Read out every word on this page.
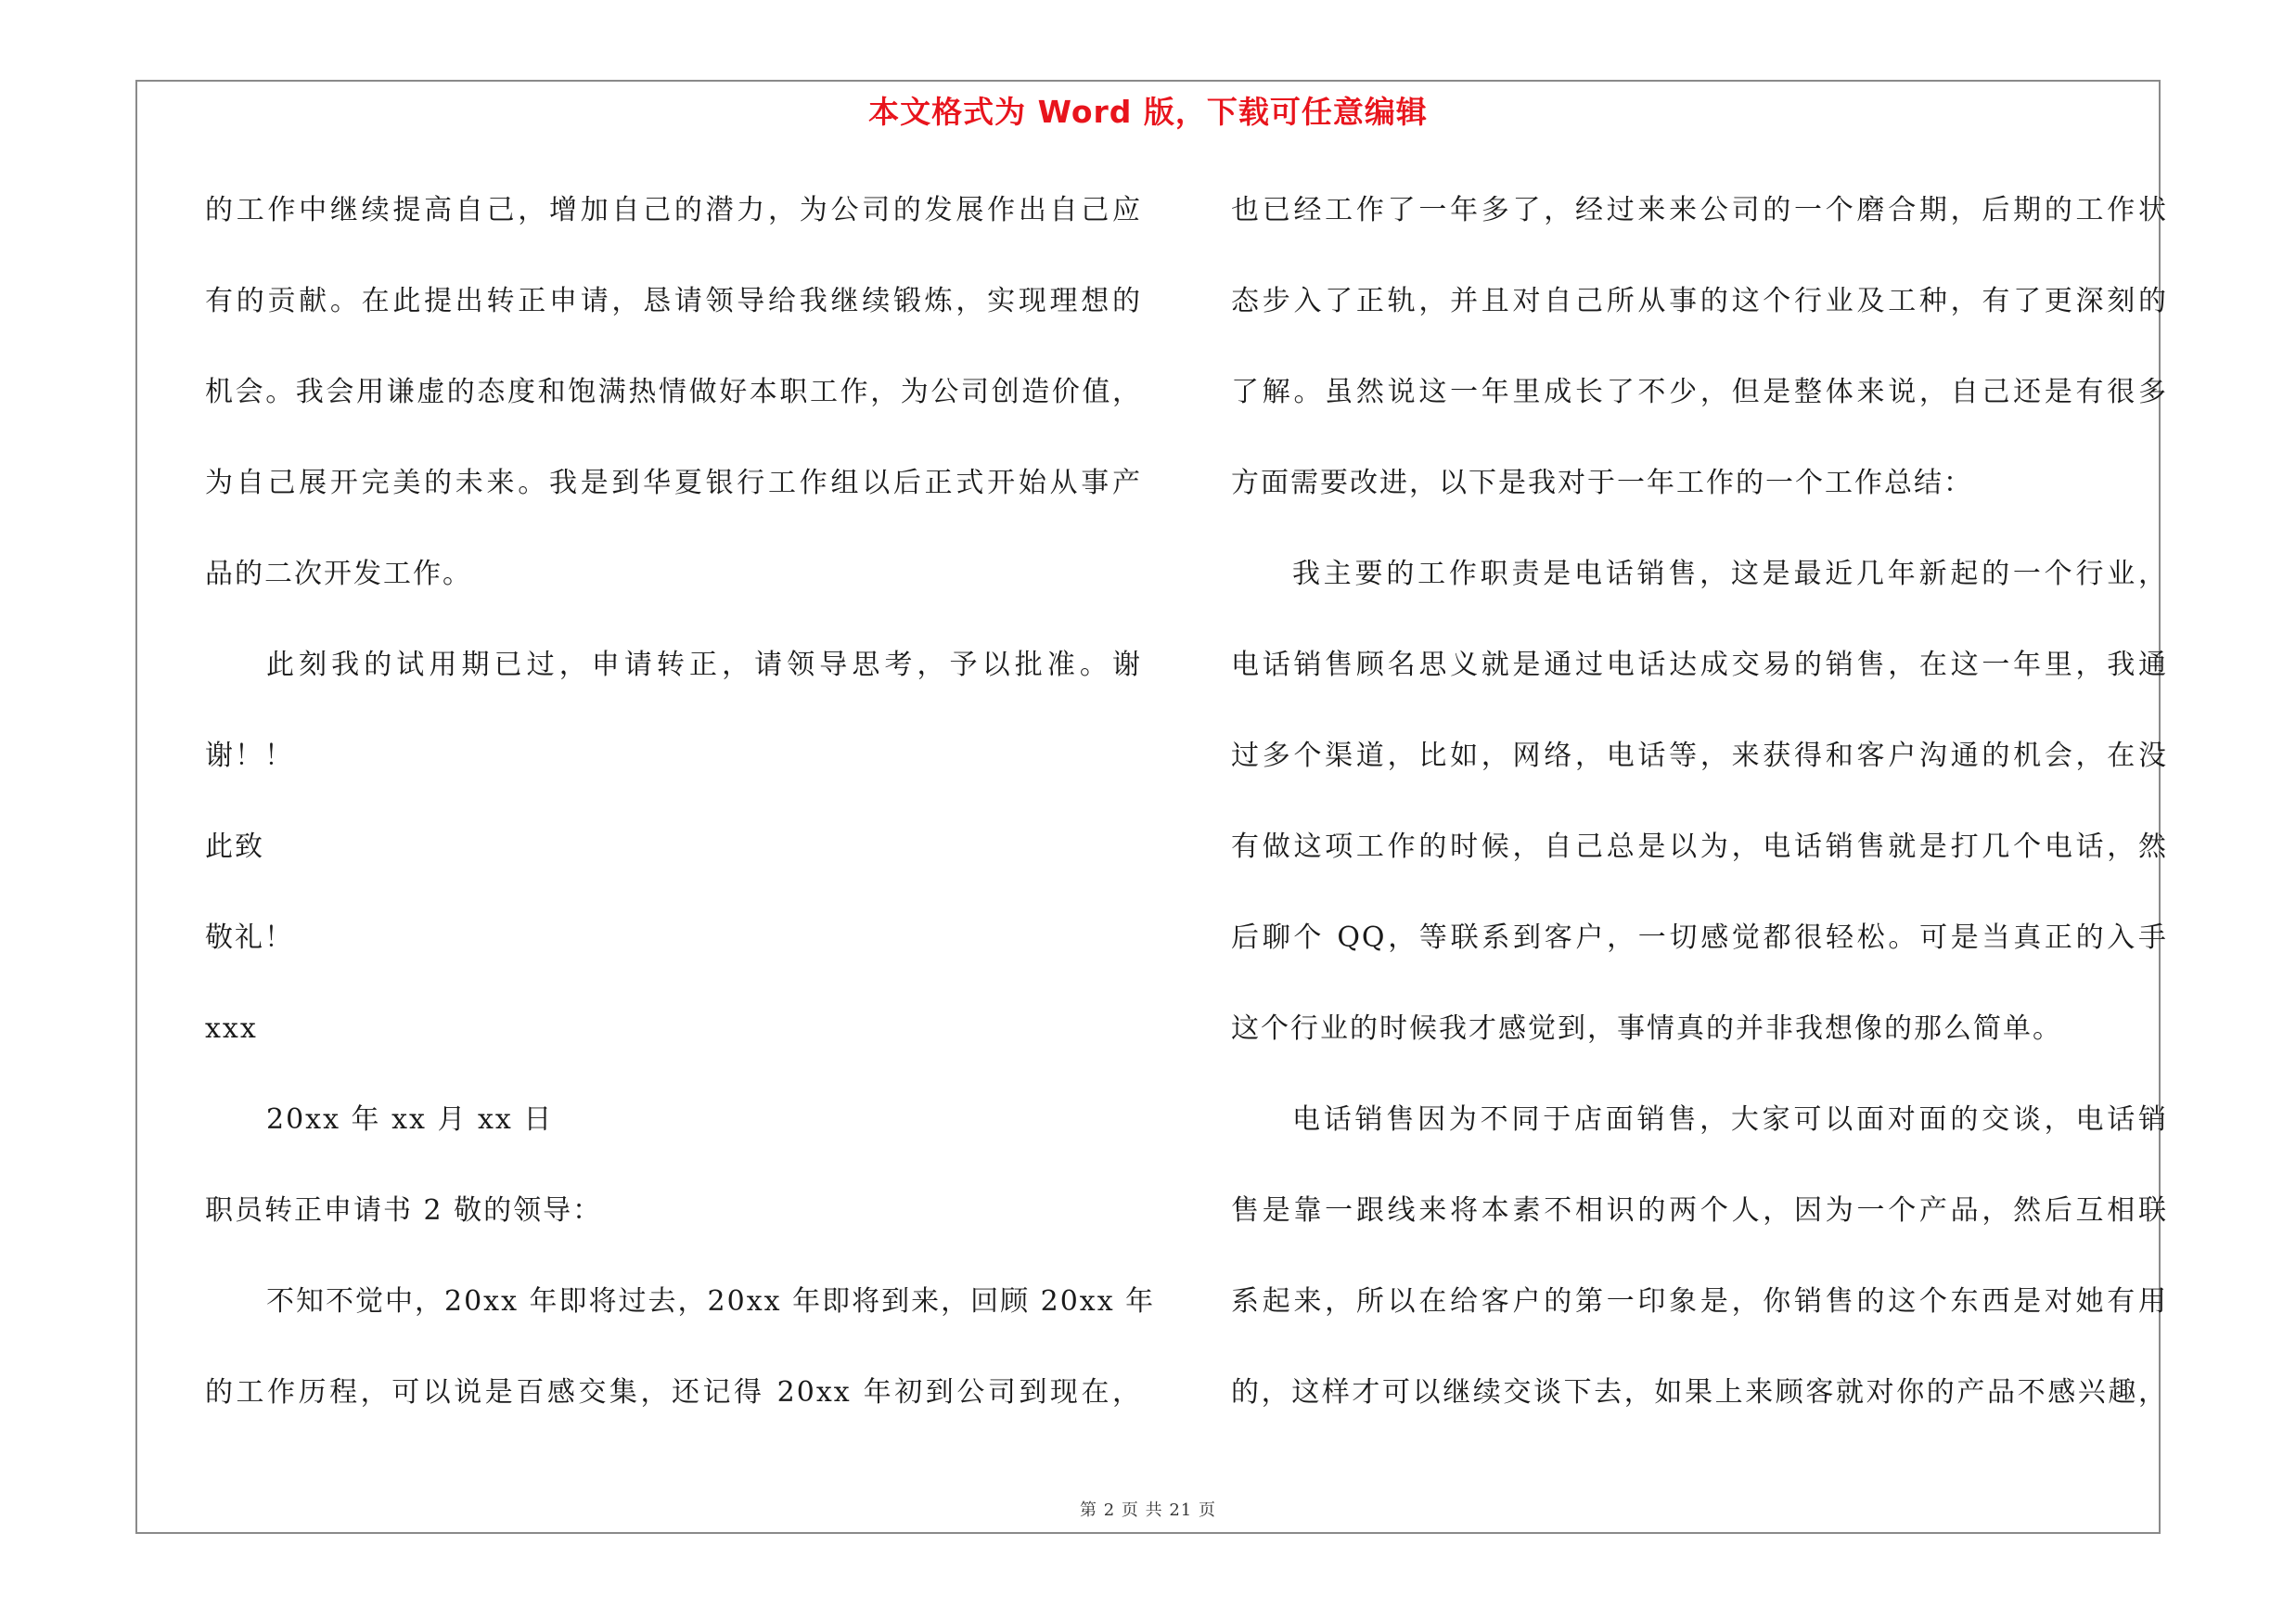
本文格式为 Word 版，下载可任意编辑
的工作中继续提高自己，增加自己的潜力，为公司的发展作出自己应
有的贡献。在此提出转正申请，恳请领导给我继续锻炼，实现理想的
机会。我会用谦虚的态度和饱满热情做好本职工作，为公司创造价值，
为自己展开完美的未来。我是到华夏银行工作组以后正式开始从事产
品的二次开发工作。
此刻我的试用期已过，申请转正，请领导思考，予以批准。谢
谢！！
此致
敬礼！
xxx
20xx 年 xx 月 xx 日
职员转正申请书 2 敬的领导：
不知不觉中，20xx 年即将过去，20xx 年即将到来，回顾 20xx 年
的工作历程，可以说是百感交集，还记得 20xx 年初到公司到现在，
也已经工作了一年多了，经过来来公司的一个磨合期，后期的工作状
态步入了正轨，并且对自己所从事的这个行业及工种，有了更深刻的
了解。虽然说这一年里成长了不少，但是整体来说，自己还是有很多
方面需要改进，以下是我对于一年工作的一个工作总结：
我主要的工作职责是电话销售，这是最近几年新起的一个行业，
电话销售顾名思义就是通过电话达成交易的销售，在这一年里，我通
过多个渠道，比如，网络，电话等，来获得和客户沟通的机会，在没
有做这项工作的时候，自己总是以为，电话销售就是打几个电话，然
后聊个 QQ，等联系到客户，一切感觉都很轻松。可是当真正的入手
这个行业的时候我才感觉到，事情真的并非我想像的那么简单。
电话销售因为不同于店面销售，大家可以面对面的交谈，电话销
售是靠一跟线来将本素不相识的两个人，因为一个产品，然后互相联
系起来，所以在给客户的第一印象是，你销售的这个东西是对她有用
的，这样才可以继续交谈下去，如果上来顾客就对你的产品不感兴趣，
第 2 页 共 21 页
